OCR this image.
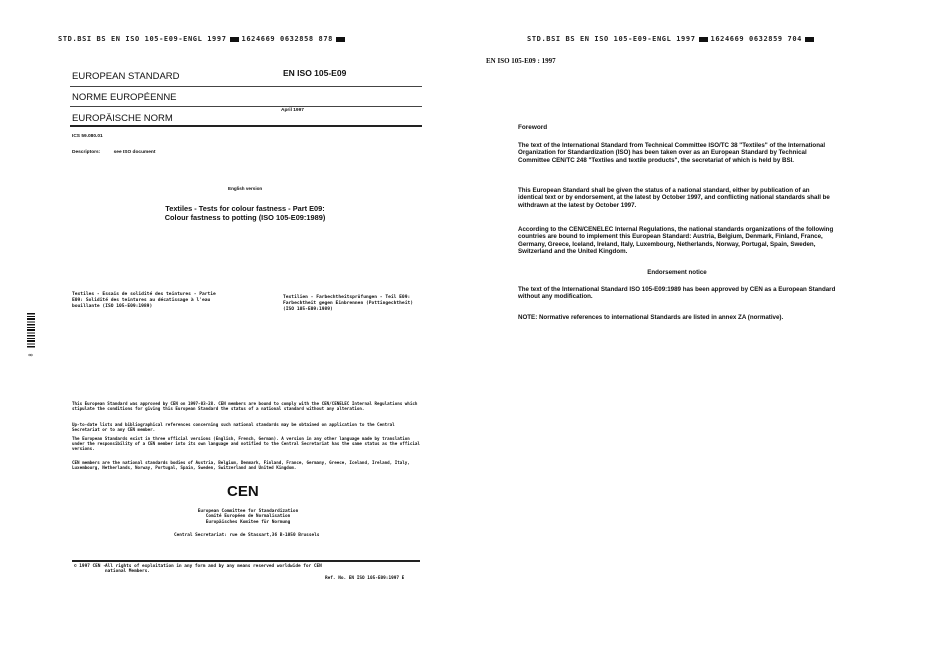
STD.BSI BS EN ISO 105-E09-ENGL 1997 1624669 0632858 878
EUROPEAN STANDARD
NORME EUROPÉENNE
EUROPÄISCHE NORM
EN ISO 105-E09
April 1997
ICS 59.080.01
Descriptors:	see ISO document
English version
Textiles - Tests for colour fastness - Part E09:
Colour fastness to potting (ISO 105-E09:1989)
Textiles - Essais de solidité des teintures - Partie E09: Solidité des teintures au décatissage à l'eau bouillante (ISO 105-E09:1989)
Textilien - Farbechtheitsprüfungen - Teil E09: Farbechtheit gegen Einbrennen (Pottingechtheit) (ISO 105-E09:1989)
8
This European Standard was approved by CEN on 1997-03-28. CEN members are bound to comply with the CEN/CENELEC Internal Regulations which stipulate the conditions for giving this European Standard the status of a national standard without any alteration.
Up-to-date lists and bibliographical references concerning such national standards may be obtained on application to the Central Secretariat or to any CEN member.
The European Standards exist in three official versions (English, French, German). A version in any other language made by translation under the responsibility of a CEN member into its own language and notified to the Central Secretariat has the same status as the official versions.
CEN members are the national standards bodies of Austria, Belgium, Denmark, Finland, France, Germany, Greece, Iceland, Ireland, Italy, Luxembourg, Netherlands, Norway, Portugal, Spain, Sweden, Switzerland and United Kingdom.
CEN
European Committee for Standardization
Comité Européen de Normalisation
Europäisches Komitee für Normung
Central Secretariat: rue de Stassart,36 B-1050 Brussels
© 1997 CEN - All rights of exploitation in any form and by any means reserved worldwide for CEN national Members.
Ref. No. EN ISO 105-E09:1997 E
STD.BSI BS EN ISO 105-E09-ENGL 1997 1624669 0632859 704
EN ISO 105-E09 : 1997
Foreword
The text of the International Standard from Technical Committee ISO/TC 38 "Textiles" of the International Organization for Standardization (ISO) has been taken over as an European Standard by Technical Committee CEN/TC 248 "Textiles and textile products", the secretariat of which is held by BSI.
This European Standard shall be given the status of a national standard, either by publication of an identical text or by endorsement, at the latest by October 1997, and conflicting national standards shall be withdrawn at the latest by October 1997.
According to the CEN/CENELEC Internal Regulations, the national standards organizations of the following countries are bound to implement this European Standard: Austria, Belgium, Denmark, Finland, France, Germany, Greece, Iceland, Ireland, Italy, Luxembourg, Netherlands, Norway, Portugal, Spain, Sweden, Switzerland and the United Kingdom.
Endorsement notice
The text of the International Standard ISO 105-E09:1989 has been approved by CEN as a European Standard without any modification.
NOTE: Normative references to international Standards are listed in annex ZA (normative).
